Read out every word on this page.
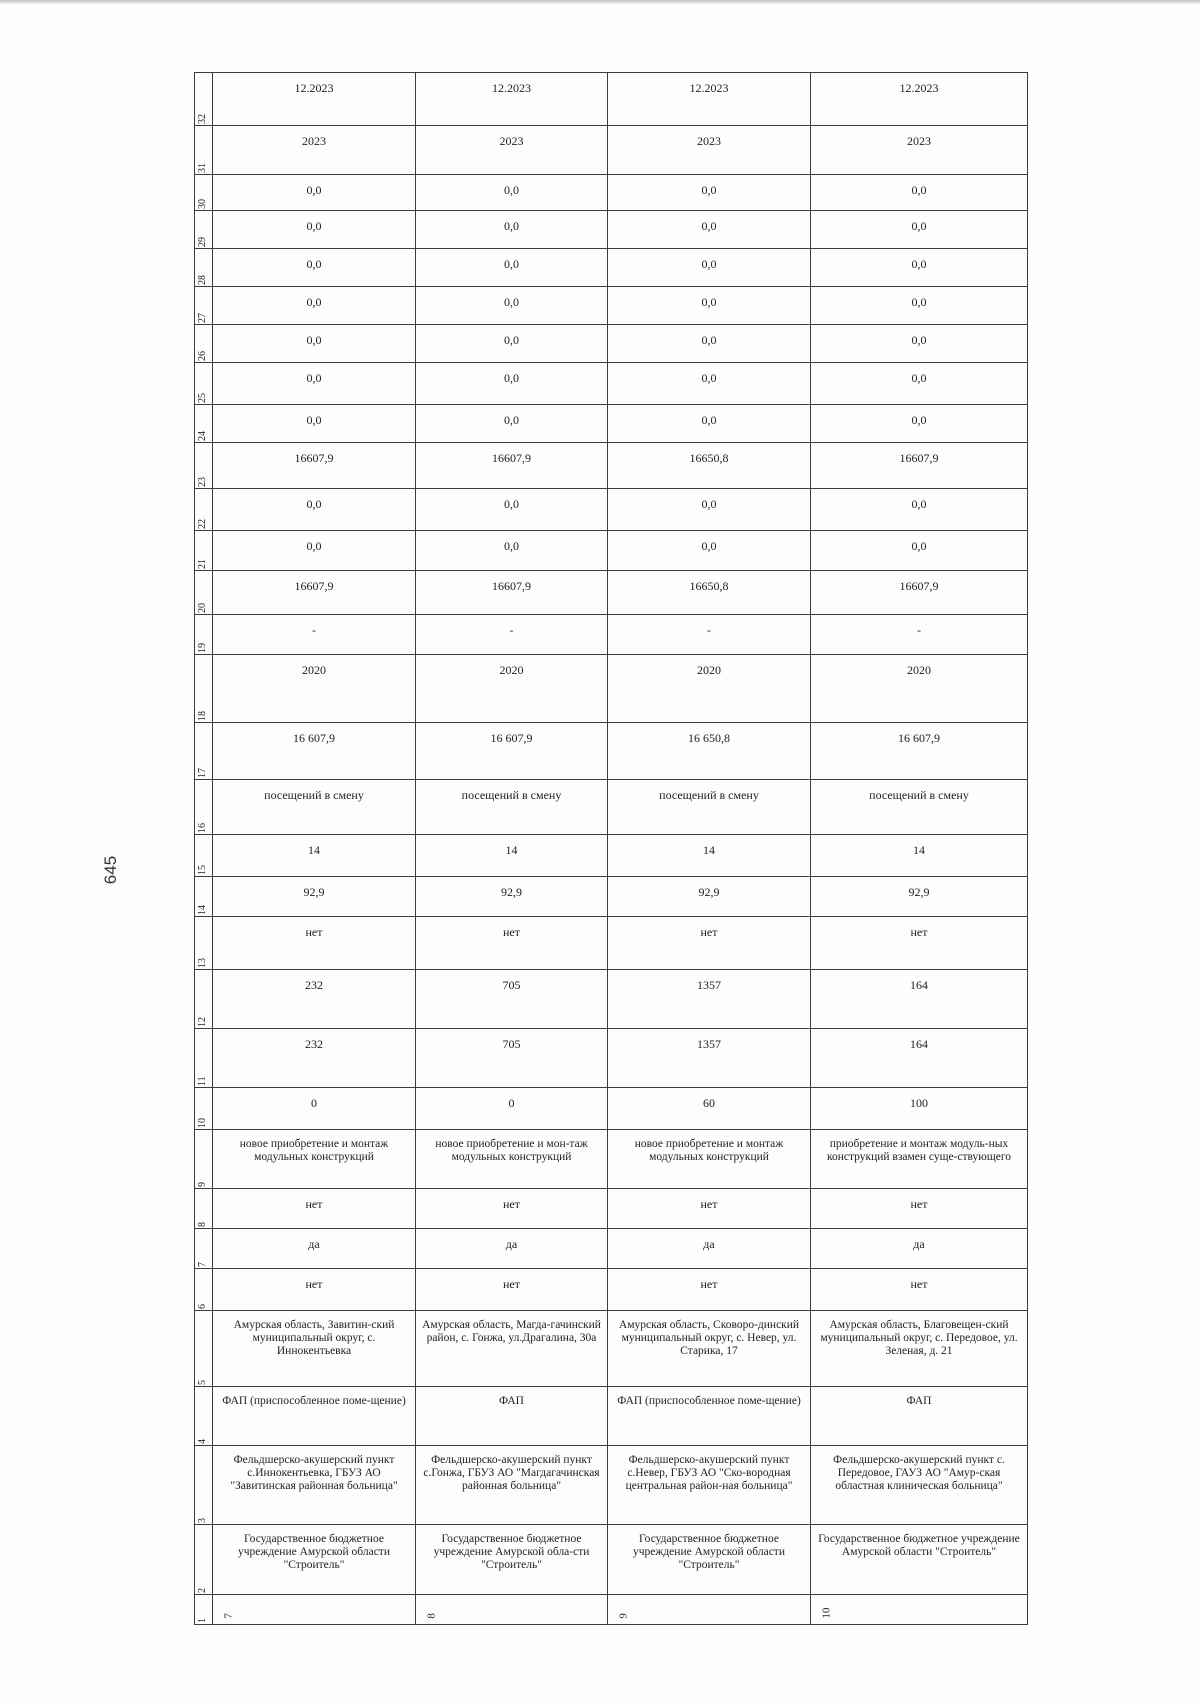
645
32	12.2023	12.2023	12.2023	12.2023

31	2023	2023	2023	2023

30	0,0	0,0	0,0	0,0

29	0,0	0,0	0,0	0,0

28	0,0	0,0	0,0	0,0

27	0,0	0,0	0,0	0,0

26	0,0	0,0	0,0	0,0

25	0,0	0,0	0,0	0,0

24	0,0	0,0	0,0	0,0

23	16607,9	16607,9	16650,8	16607,9

22	0,0	0,0	0,0	0,0

21	0,0	0,0	0,0	0,0

20	16607,9	16607,9	16650,8	16607,9

19	-	-	-	-

18	2020	2020	2020	2020

17	16 607,9	16 607,9	16 650,8	16 607,9

16	посещений в смену	посещений в смену	посещений в смену	посещений в смену

15	14	14	14	14

14	92,9	92,9	92,9	92,9

13	нет	нет	нет	нет

12	232	705	1357	164

11	232	705	1357	164

10	0	0	60	100

9	новое приобретение и монтаж модульных конструкций	новое приобретение и мон-таж модульных конструкций	новое приобретение и монтаж модульных конструкций	приобретение и монтаж модуль-ных конструкций взамен суще-ствующего

8	нет	нет	нет	нет

7	да	да	да	да

6	нет	нет	нет	нет

5	Амурская область, Завитин-ский муниципальный округ, с. Иннокентьевка	Амурская область, Магда-гачинский район, с. Гонжа, ул.Драгалина, 30а	Амурская область, Сковоро-динский муниципальный округ, с. Невер, ул. Старика, 17	Амурская область, Благовещен-ский муниципальный округ, с. Передовое, ул. Зеленая, д. 21

4	ФАП (приспособленное поме-щение)	ФАП	ФАП (приспособленное поме-щение)	ФАП

3	Фельдшерско-акушерский пункт с.Иннокентьевка, ГБУЗ АО "Завитинская районная больница"	Фельдшерско-акушерский пункт с.Гонжа, ГБУЗ АО "Магдагачинская районная больница"	Фельдшерско-акушерский пункт с.Невер, ГБУЗ АО "Ско-вородная центральная район-ная больница"	Фельдшерско-акушерский пункт с. Передовое, ГАУЗ АО "Амур-ская областная клиническая больница"

2	Государственное бюджетное учреждение Амурской области "Строитель"	Государственное бюджетное учреждение Амурской обла-сти "Строитель"	Государственное бюджетное учреждение Амурской области "Строитель"	Государственное бюджетное учреждение Амурской области "Строитель"

1	7	8	9	10
